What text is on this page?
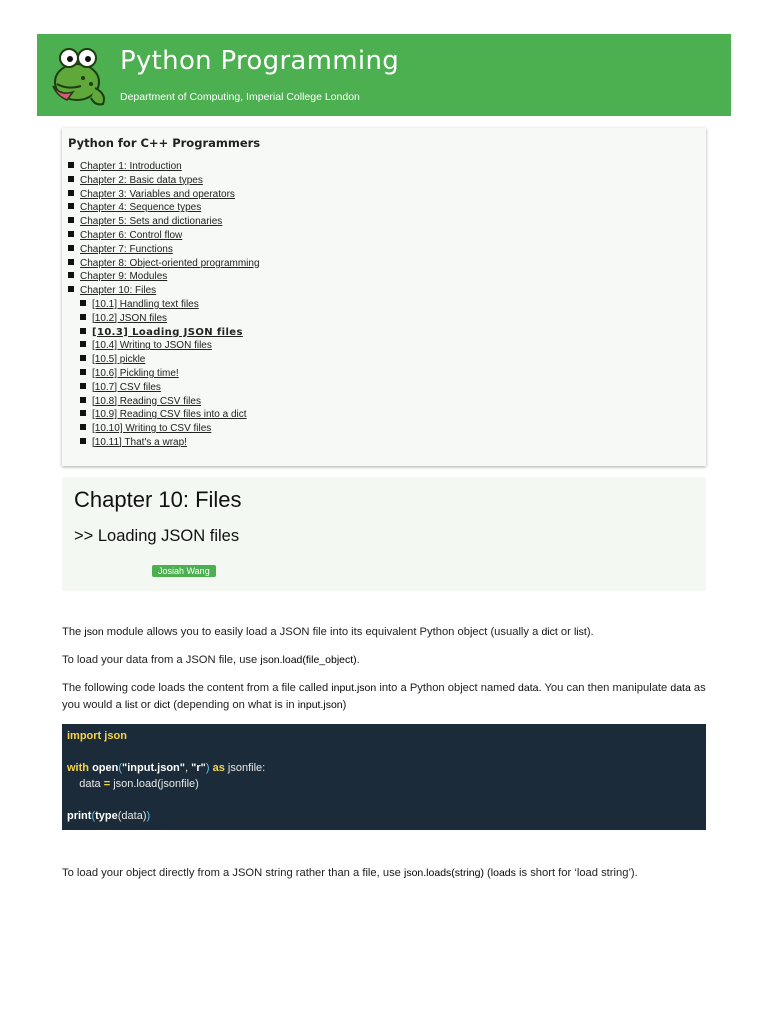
Python Programming
Department of Computing, Imperial College London
Python for C++ Programmers
Chapter 1: Introduction
Chapter 2: Basic data types
Chapter 3: Variables and operators
Chapter 4: Sequence types
Chapter 5: Sets and dictionaries
Chapter 6: Control flow
Chapter 7: Functions
Chapter 8: Object-oriented programming
Chapter 9: Modules
Chapter 10: Files
[10.1] Handling text files
[10.2] JSON files
[10.3] Loading JSON files
[10.4] Writing to JSON files
[10.5] pickle
[10.6] Pickling time!
[10.7] CSV files
[10.8] Reading CSV files
[10.9] Reading CSV files into a dict
[10.10] Writing to CSV files
[10.11] That's a wrap!
Chapter 10: Files
>> Loading JSON files
Josiah Wang
The json module allows you to easily load a JSON file into its equivalent Python object (usually a dict or list).
To load your data from a JSON file, use json.load(file_object).
The following code loads the content from a file called input.json into a Python object named data. You can then manipulate data as you would a list or dict (depending on what is in input.json)
import json
with open("input.json", "r") as jsonfile:
data = json.load(jsonfile)
print(type(data))
To load your object directly from a JSON string rather than a file, use json.loads(string) (loads is short for ‘load string’).
